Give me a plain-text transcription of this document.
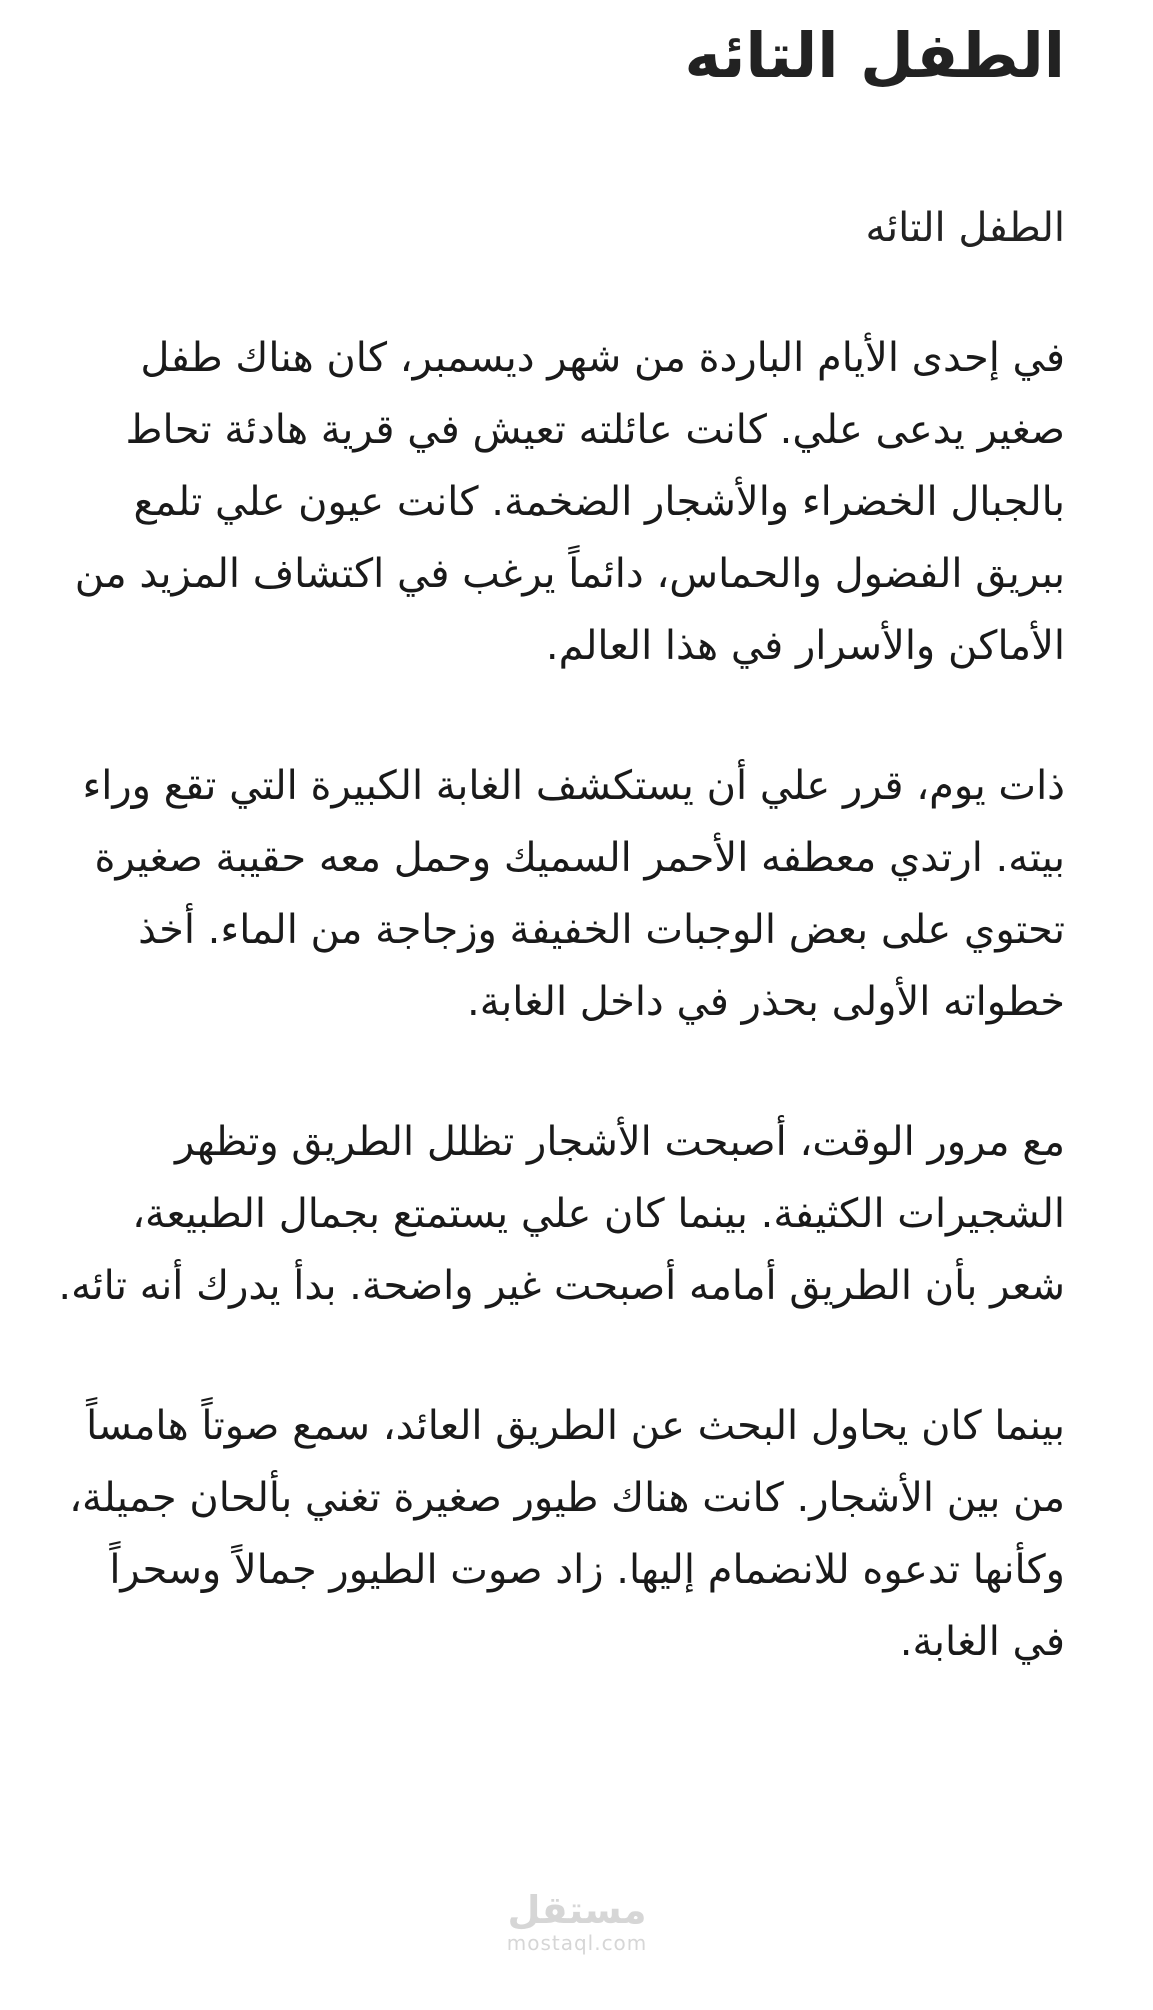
الطفل التائه

الطفل التائه

في إحدى الأيام الباردة من شهر ديسمبر، كان هناك طفل صغير يدعى علي. كانت عائلته تعيش في قرية هادئة تحاط بالجبال الخضراء والأشجار الضخمة. كانت عيون علي تلمع ببريق الفضول والحماس، دائماً يرغب في اكتشاف المزيد من الأماكن والأسرار في هذا العالم.

ذات يوم، قرر علي أن يستكشف الغابة الكبيرة التي تقع وراء بيته. ارتدي معطفه الأحمر السميك وحمل معه حقيبة صغيرة تحتوي على بعض الوجبات الخفيفة وزجاجة من الماء. أخذ خطواته الأولى بحذر في داخل الغابة.

مع مرور الوقت، أصبحت الأشجار تظلل الطريق وتظهر الشجيرات الكثيفة. بينما كان علي يستمتع بجمال الطبيعة، شعر بأن الطريق أمامه أصبحت غير واضحة. بدأ يدرك أنه تائه.

بينما كان يحاول البحث عن الطريق العائد، سمع صوتاً هامساً من بين الأشجار. كانت هناك طيور صغيرة تغني بألحان جميلة، وكأنها تدعوه للانضمام إليها. زاد صوت الطيور جمالاً وسحراً في الغابة.

مستقل
mostaql.com
